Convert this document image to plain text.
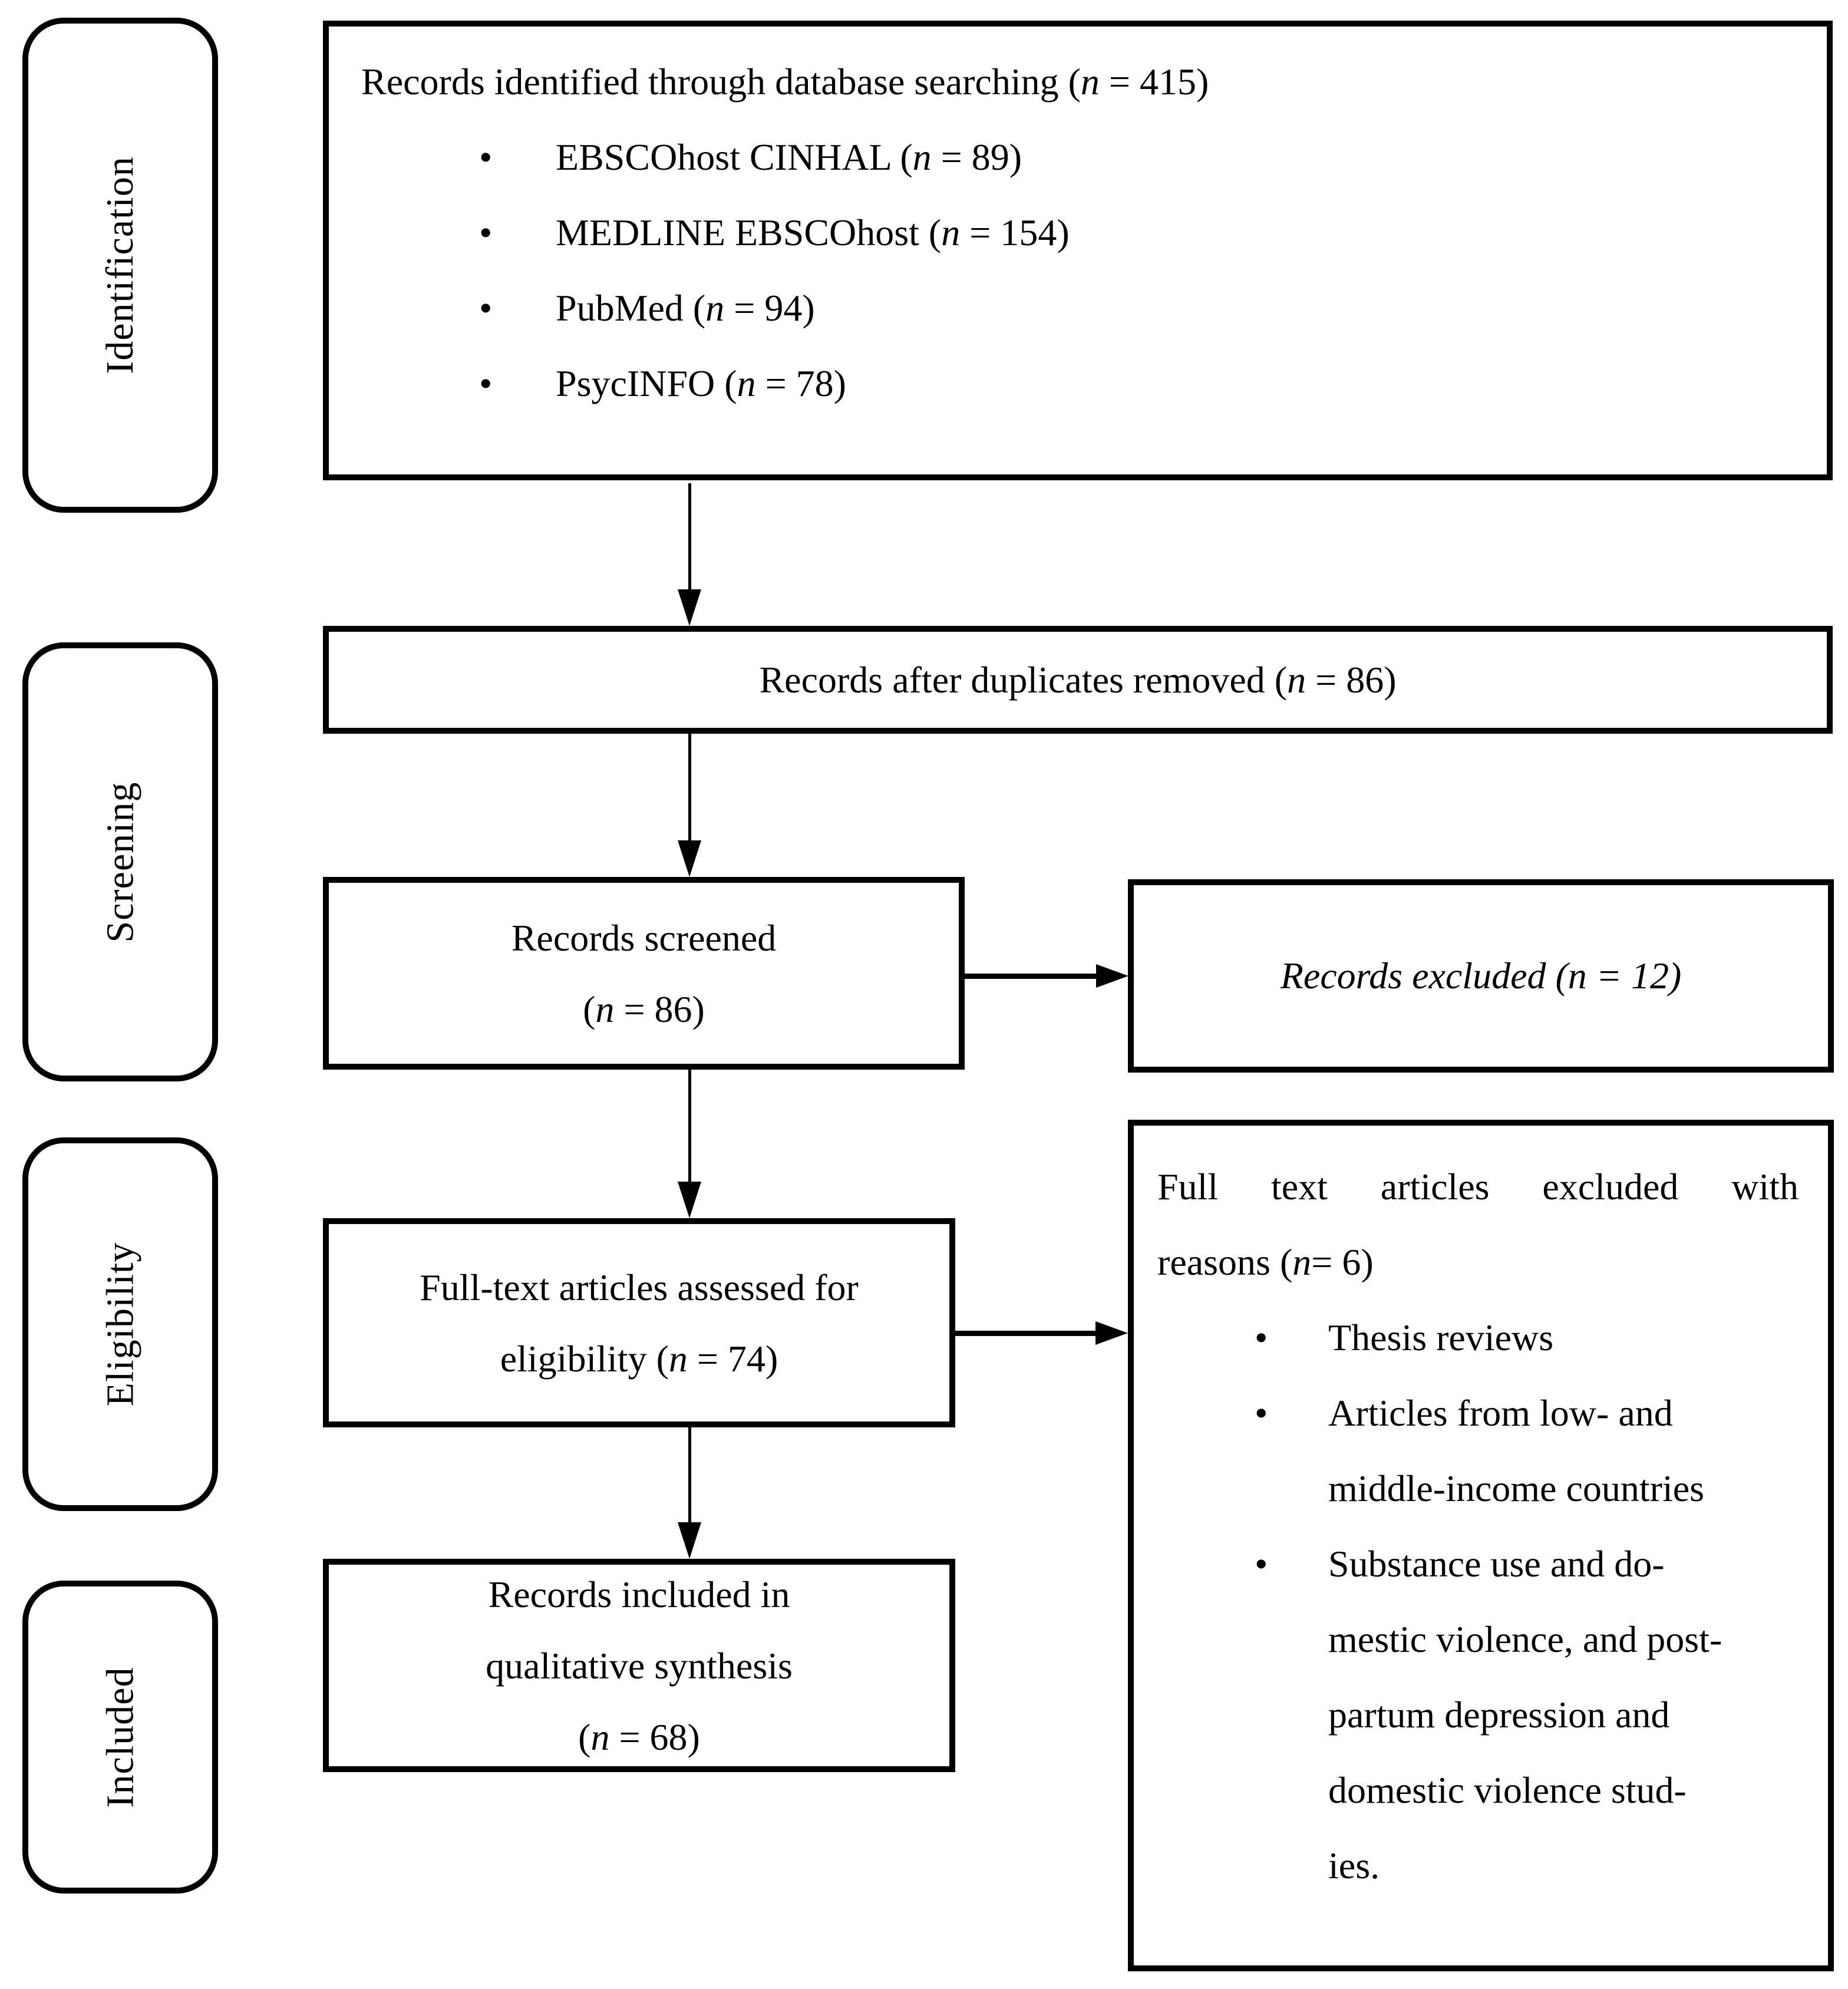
Identification
Screening
Eligibility
Included
Records identified through database searching (n = 415)
• EBSCOhost CINHAL (n = 89)
• MEDLINE EBSCOhost (n = 154)
• PubMed (n = 94)
• PsycINFO (n = 78)
Records after duplicates removed (n = 86)
Records screened
(n = 86)
Records excluded (n = 12)
Full-text articles assessed for
eligibility (n = 74)
Full text articles excluded with
reasons (n= 6)
• Thesis reviews
• Articles from low- and
middle-income countries
• Substance use and do-
mestic violence, and post-
partum depression and
domestic violence stud-
ies.
Records included in
qualitative synthesis
(n = 68)
